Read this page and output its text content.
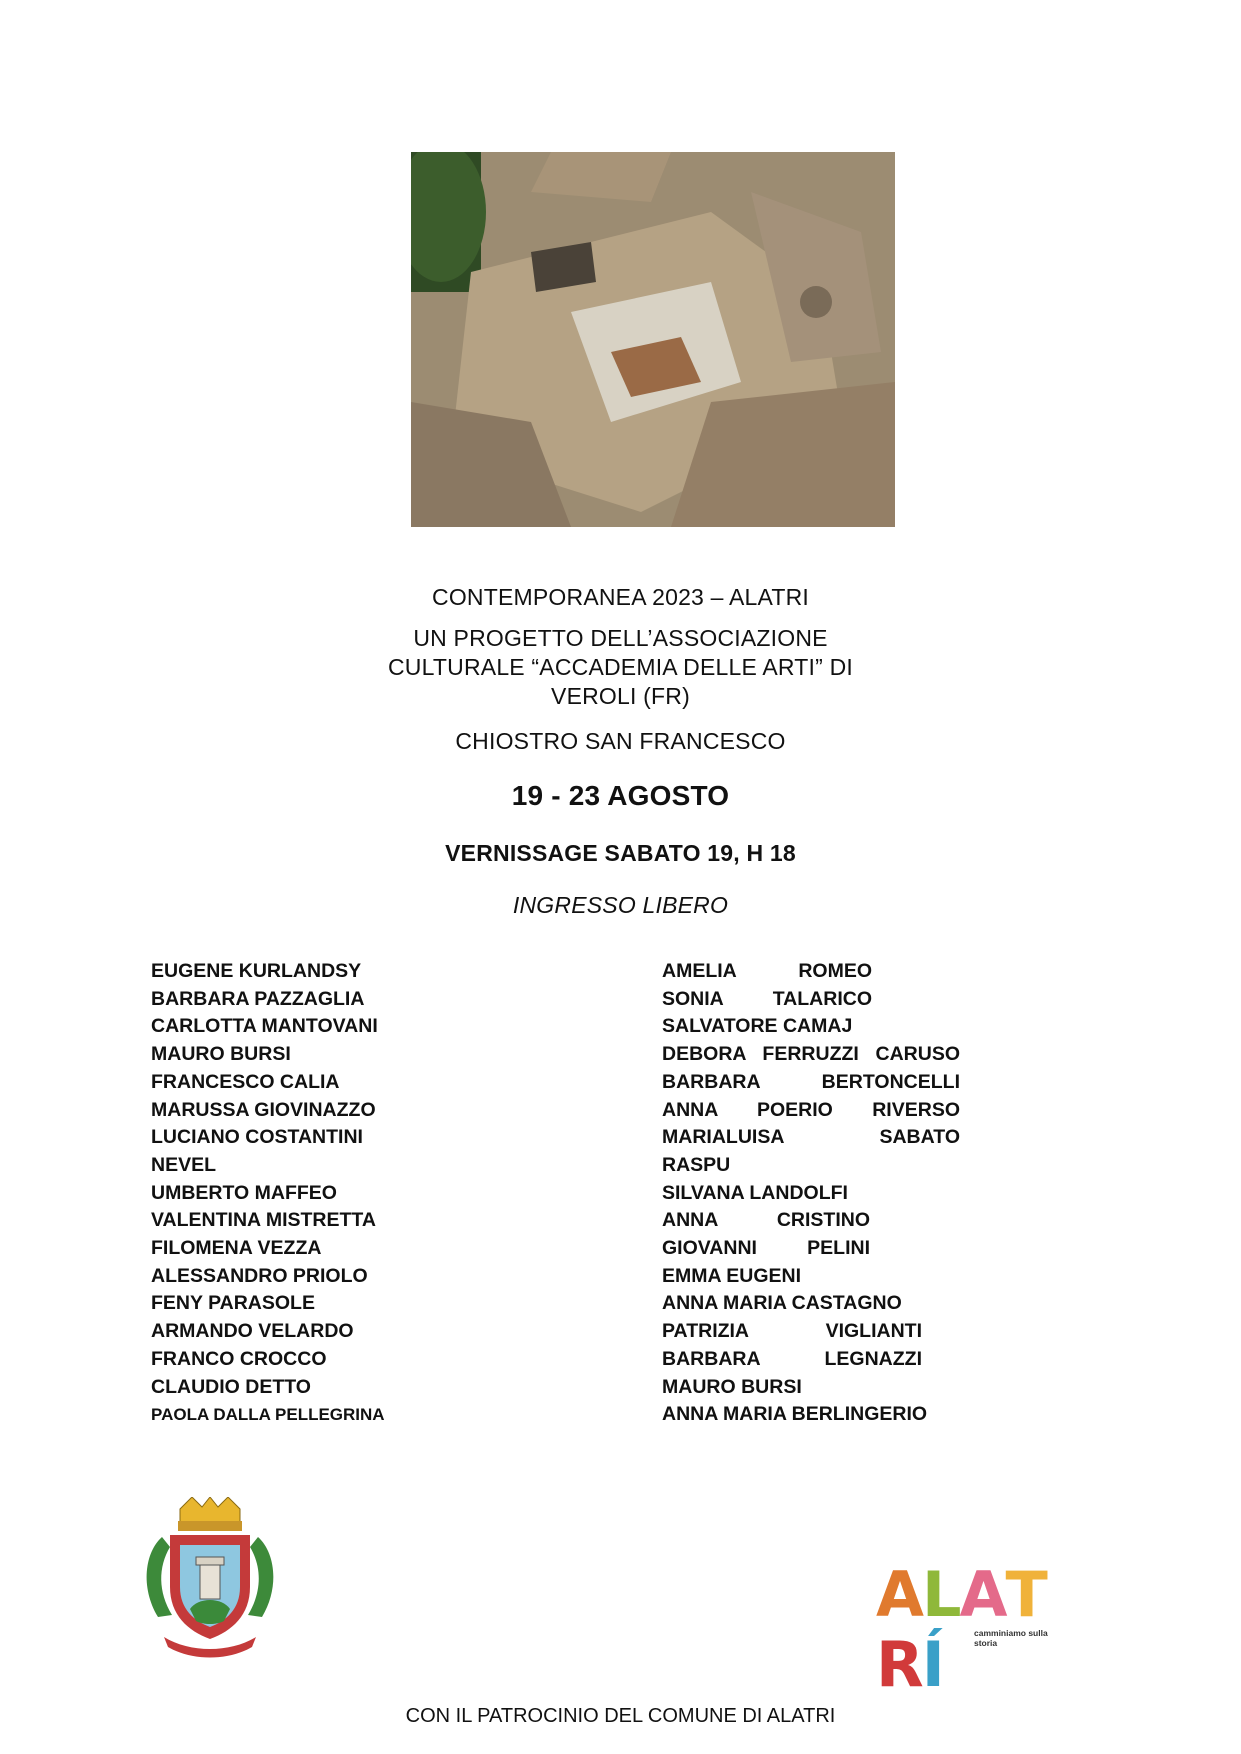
CONTEMPORANEA 2023 – ALATRI
UN PROGETTO DELL’ASSOCIAZIONE
CULTURALE “ACCADEMIA DELLE ARTI” DI
VEROLI (FR)
CHIOSTRO SAN FRANCESCO
19 - 23 AGOSTO
VERNISSAGE SABATO 19, H 18
INGRESSO LIBERO
EUGENE KURLANDSY
BARBARA PAZZAGLIA
CARLOTTA MANTOVANI
MAURO BURSI
FRANCESCO CALIA
MARUSSA GIOVINAZZO
LUCIANO COSTANTINI
NEVEL
UMBERTO MAFFEO
VALENTINA MISTRETTA
FILOMENA VEZZA
ALESSANDRO PRIOLO
FENY PARASOLE
ARMANDO VELARDO
FRANCO CROCCO
CLAUDIO DETTO
PAOLA DALLA PELLEGRINA
AMELIA ROMEO
SONIA TALARICO
SALVATORE CAMAJ
DEBORA FERRUZZI CARUSO
BARBARA BERTONCELLI
ANNA POERIO RIVERSO
MARIALUISA SABATO
RASPU
SILVANA LANDOLFI
ANNA CRISTINO
GIOVANNI PELINI
EMMA EUGENI
ANNA MARIA CASTAGNO
PATRIZIA VIGLIANTI
BARBARA LEGNAZZI
MAURO BURSI
ANNA MARIA BERLINGERIO
ALATRÍ	camminiamo sulla storia
CON IL PATROCINIO DEL COMUNE DI ALATRI
